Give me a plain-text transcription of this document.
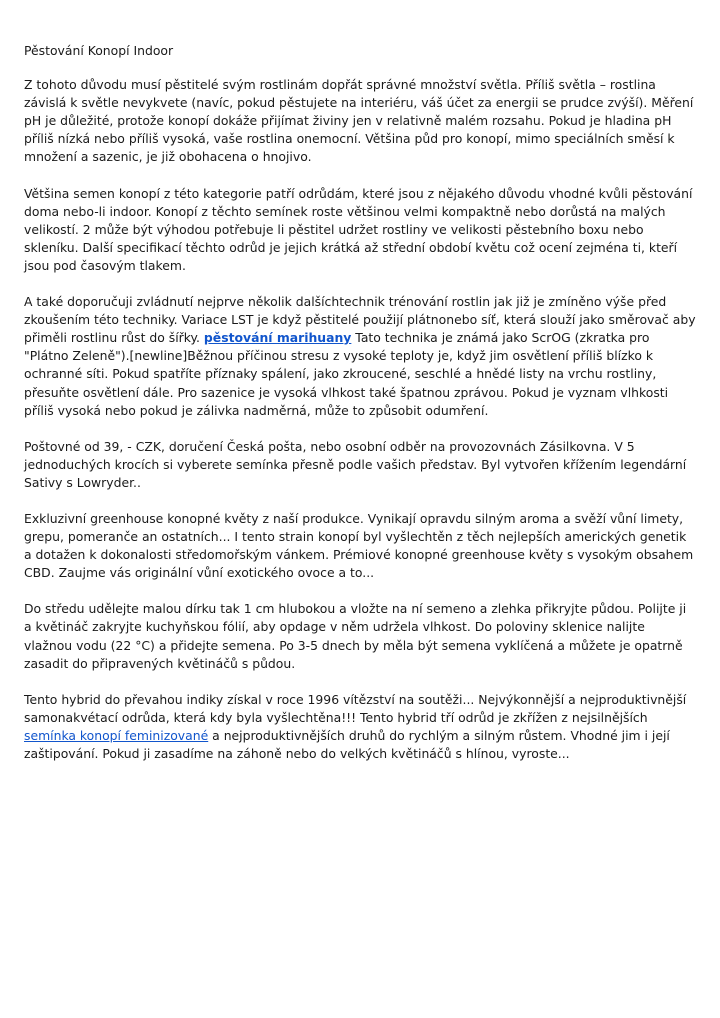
Pěstování Konopí Indoor

Z tohoto důvodu musí pěstitelé svým rostlinám dopřát správné množství světla. Příliš světla – rostlina závislá k světle nevykvete (navíc, pokud pěstujete na interiéru, váš účet za energii se prudce zvýší). Měření pH je důležité, protože konopí dokáže přijímat živiny jen v relativně malém rozsahu. Pokud je hladina pH příliš nízká nebo příliš vysoká, vaše rostlina onemocní. Většina půd pro konopí, mimo speciálních směsí k množení a sazenic, je již obohacena o hnojivo.

Většina semen konopí z této kategorie patří odrůdám, které jsou z nějakého důvodu vhodné kvůli pěstování doma nebo-li indoor. Konopí z těchto semínek roste většinou velmi kompaktně nebo dorůstá na malých velikostí. 2 může být výhodou potřebuje li pěstitel udržet rostliny ve velikosti pěstebního boxu nebo skleníku. Další specifikací těchto odrůd je jejich krátká až střední období květu což ocení zejména ti, kteří jsou pod časovým tlakem.

A také doporučuji zvládnutí nejprve několik dalšíchtechnik trénování rostlin jak již je zmíněno výše před zkoušením této techniky. Variace LST je když pěstitelé použijí plátnonebo síť, která slouží jako směrovač aby přiměli rostlinu růst do šířky. pěstování marihuany Tato technika je známá jako ScrOG (zkratka pro "Plátno Zeleně").[newline]Běžnou příčinou stresu z vysoké teploty je, když jim osvětlení příliš blízko k ochranné síti. Pokud spatříte příznaky spálení, jako zkroucené, seschlé a hnědé listy na vrchu rostliny, přesuňte osvětlení dále. Pro sazenice je vysoká vlhkost také špatnou zprávou. Pokud je vyznam vlhkosti příliš vysoká nebo pokud je zálivka nadměrná, může to způsobit odumření.

Poštovné od 39, - CZK, doručení Česká pošta, nebo osobní odběr na provozovnách Zásilkovna. V 5 jednoduchých krocích si vyberete semínka přesně podle vašich představ. Byl vytvořen křížením legendární Sativy s Lowryder..

Exkluzivní greenhouse konopné květy z naší produkce. Vynikají opravdu silným aroma a svěží vůní limety, grepu, pomeranče an ostatních... I tento strain konopí byl vyšlechtěn z těch nejlepších amerických genetik a dotažen k dokonalosti středomořským vánkem. Prémiové konopné greenhouse květy s vysokým obsahem CBD. Zaujme vás originální vůní exotického ovoce a to...

Do středu udělejte malou dírku tak 1 cm hlubokou a vložte na ní semeno a zlehka přikryjte půdou. Polijte ji a květináč zakryjte kuchyňskou fólií, aby opdage v něm udržela vlhkost. Do poloviny sklenice nalijte vlažnou vodu (22 °C) a přidejte semena. Po 3-5 dnech by měla být semena vyklíčená a můžete je opatrně zasadit do připravených květináčů s půdou.

Tento hybrid do převahou indiky získal v roce 1996 vítězství na soutěži... Nejvýkonnější a nejproduktivnější samonakvétací odrůda, která kdy byla vyšlechtěna!!! Tento hybrid tří odrůd je zkřížen z nejsilnějších semínka konopí feminizované a nejproduktivnějších druhů do rychlým a silným růstem. Vhodné jim i její zaštipování. Pokud ji zasadíme na záhoně nebo do velkých květináčů s hlínou, vyroste...
